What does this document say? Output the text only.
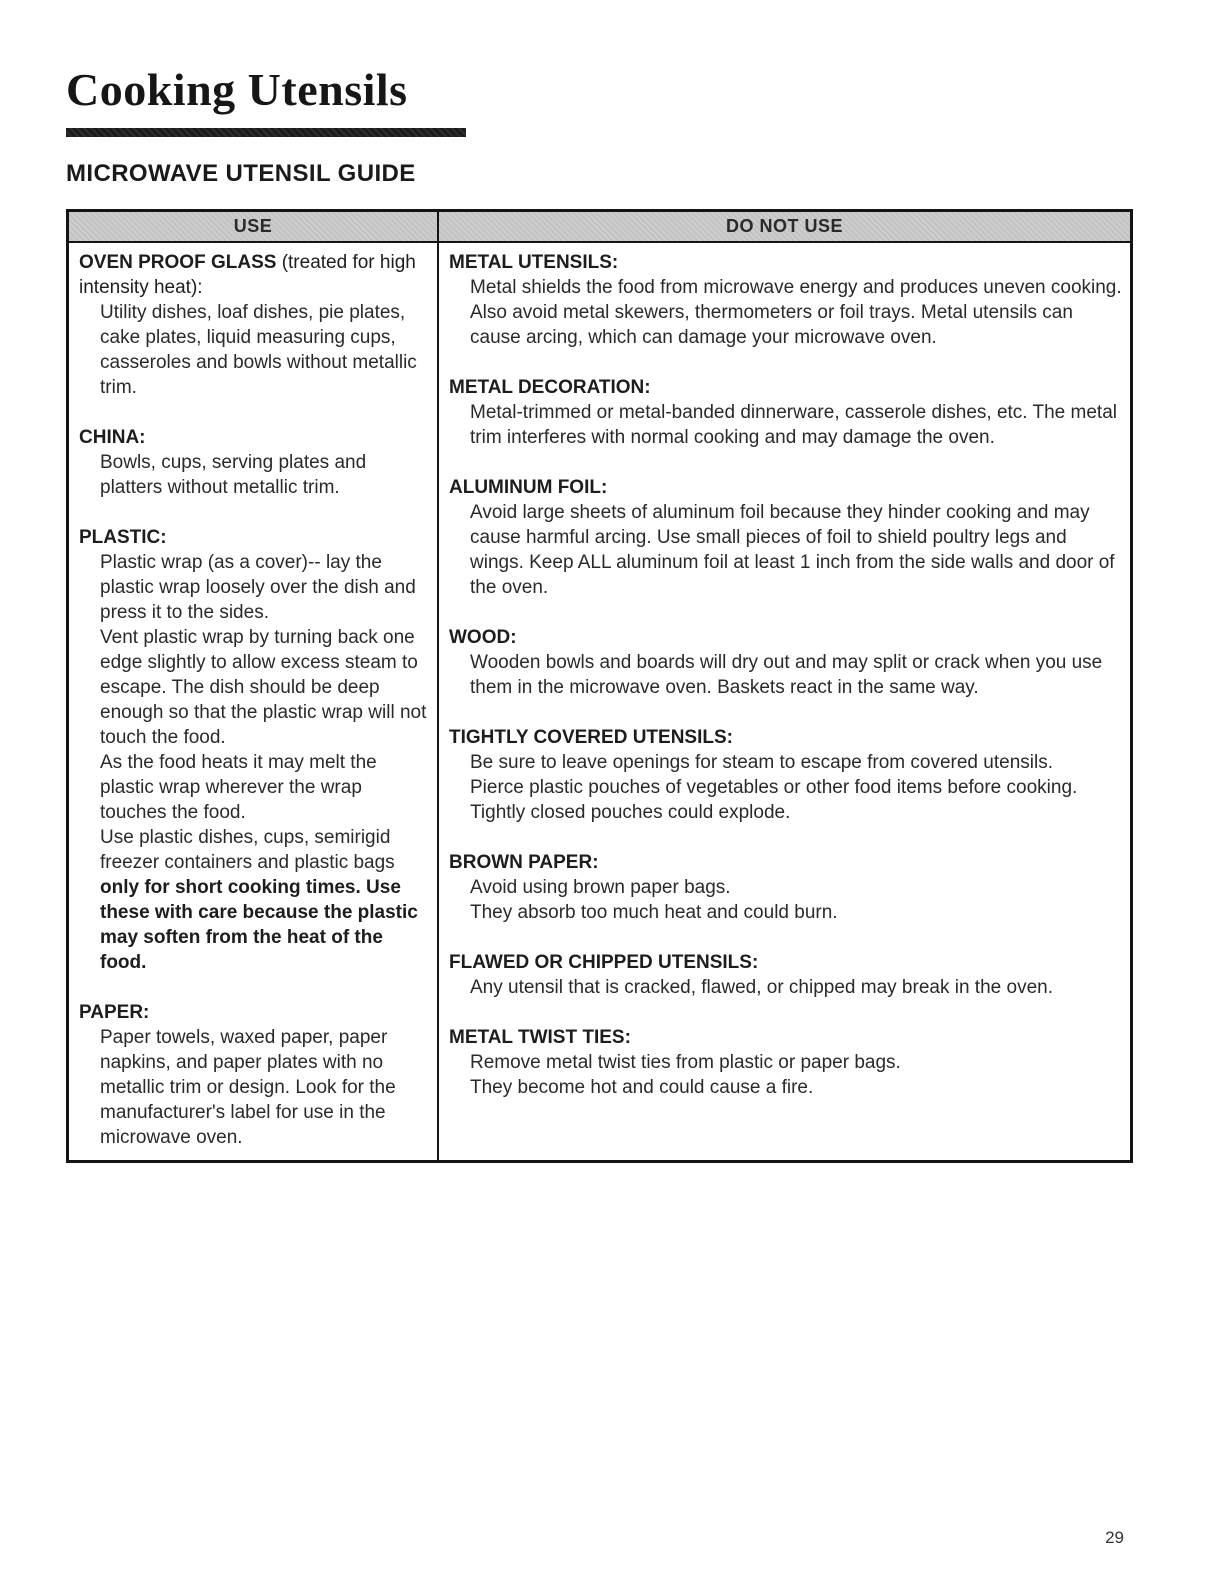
Cooking Utensils
MICROWAVE UTENSIL GUIDE
USE	DO NOT USE
OVEN PROOF GLASS (treated for high intensity heat):

Utility dishes, loaf dishes, pie plates, cake plates, liquid measuring cups, casseroles and bowls without metallic trim.

CHINA:

Bowls, cups, serving plates and platters without metallic trim.

PLASTIC:

Plastic wrap (as a cover)-- lay the plastic wrap loosely over the dish and press it to the sides.

Vent plastic wrap by turning back one edge slightly to allow excess steam to escape. The dish should be deep enough so that the plastic wrap will not touch the food.

As the food heats it may melt the plastic wrap wherever the wrap touches the food.

Use plastic dishes, cups, semirigid freezer containers and plastic bags only for short cooking times. Use these with care because the plastic may soften from the heat of the food.

PAPER:

Paper towels, waxed paper, paper napkins, and paper plates with no metallic trim or design. Look for the manufacturer's label for use in the microwave oven.

METAL UTENSILS:

Metal shields the food from microwave energy and produces uneven cooking. Also avoid metal skewers, thermometers or foil trays. Metal utensils can cause arcing, which can damage your microwave oven.

METAL DECORATION:

Metal-trimmed or metal-banded dinnerware, casserole dishes, etc. The metal trim interferes with normal cooking and may damage the oven.

ALUMINUM FOIL:

Avoid large sheets of aluminum foil because they hinder cooking and may cause harmful arcing. Use small pieces of foil to shield poultry legs and wings. Keep ALL aluminum foil at least 1 inch from the side walls and door of the oven.

WOOD:

Wooden bowls and boards will dry out and may split or crack when you use them in the microwave oven. Baskets react in the same way.

TIGHTLY COVERED UTENSILS:

Be sure to leave openings for steam to escape from covered utensils.

Pierce plastic pouches of vegetables or other food items before cooking.

Tightly closed pouches could explode.

BROWN PAPER:

Avoid using brown paper bags.

They absorb too much heat and could burn.

FLAWED OR CHIPPED UTENSILS:

Any utensil that is cracked, flawed, or chipped may break in the oven.

METAL TWIST TIES:

Remove metal twist ties from plastic or paper bags.

They become hot and could cause a fire.

29
